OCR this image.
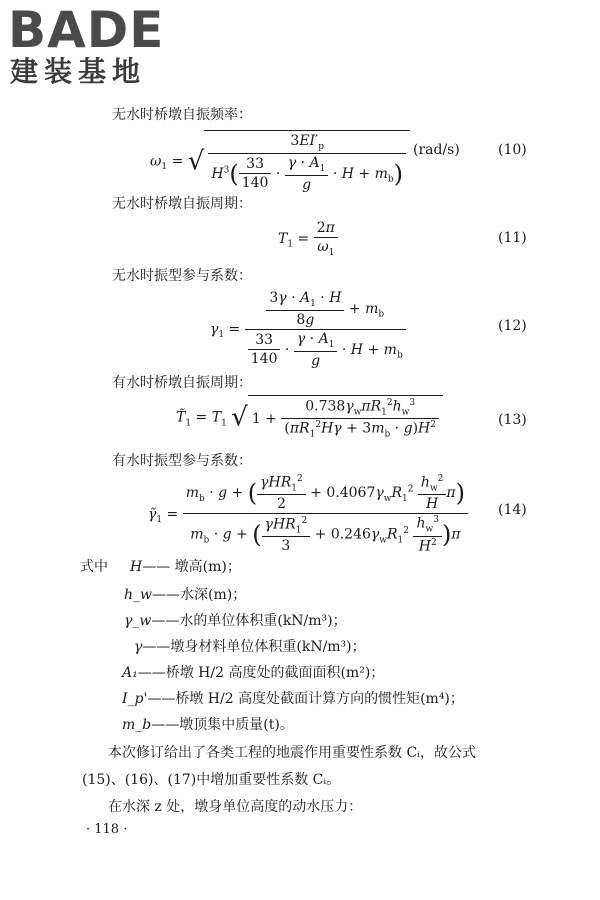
BADE
建装基地
无水时桥墩自振频率：
$\omega_1$ = √ $\frac{3EI'_p}{H^3( \frac{33}{140} \cdot \frac{\gamma \cdot A_1}{g} \cdot H + m_b)} (rad/s)$	(10)
无水时桥墩自振周期：
$T_1 = \frac{2\pi}{\omega_1}$	(11)
无水时振型参与系数：
$\gamma_1 = \frac{\frac{3\gamma \cdot A_1 \cdot H}{8g} + m_b}{\frac{33}{140} \cdot \frac{\gamma \cdot A_1}{g} \cdot H + m_b}$	(12)
有水时桥墩自振周期：
$T̃_1 = T_1$ √ $1 + \frac{0.738\gamma_w\pi R_1^2h_w^3}{(\pi R_1^2H\gamma + 3m_b \cdot g)H^2}$	(13)
有水时振型参与系数：
$\gammã_1 = \frac{m_b \cdot g + ( \frac{\gamma HR_1^2}{2} + 0.4067\gamma_wR_1^2 \frac{h_w^2}{H} \pi)}{m_b \cdot g + ( \frac{\gamma HR_1^2}{3} + 0.246\gamma_wR_1^2 \frac{h_w^3}{H^2} )\pi} (14)$
式中 H—— 墩高(m)；
h_w——水深(m)；
γ_w——水的单位体积重(kN/m³)；
γ——墩身材料单位体积重(kN/m³)；
A₁——桥墩 H/2 高度处的截面面积(m²)；
I_p'——桥墩 H/2 高度处截面计算方向的惯性矩(m⁴)；
m_b——墩顶集中质量(t)。
本次修订给出了各类工程的地震作用重要性系数 Cᵢ，故公式
(15)、(16)、(17)中增加重要性系数 Cᵢ。
在水深 z 处，墩身单位高度的动水压力：
· 118 ·
